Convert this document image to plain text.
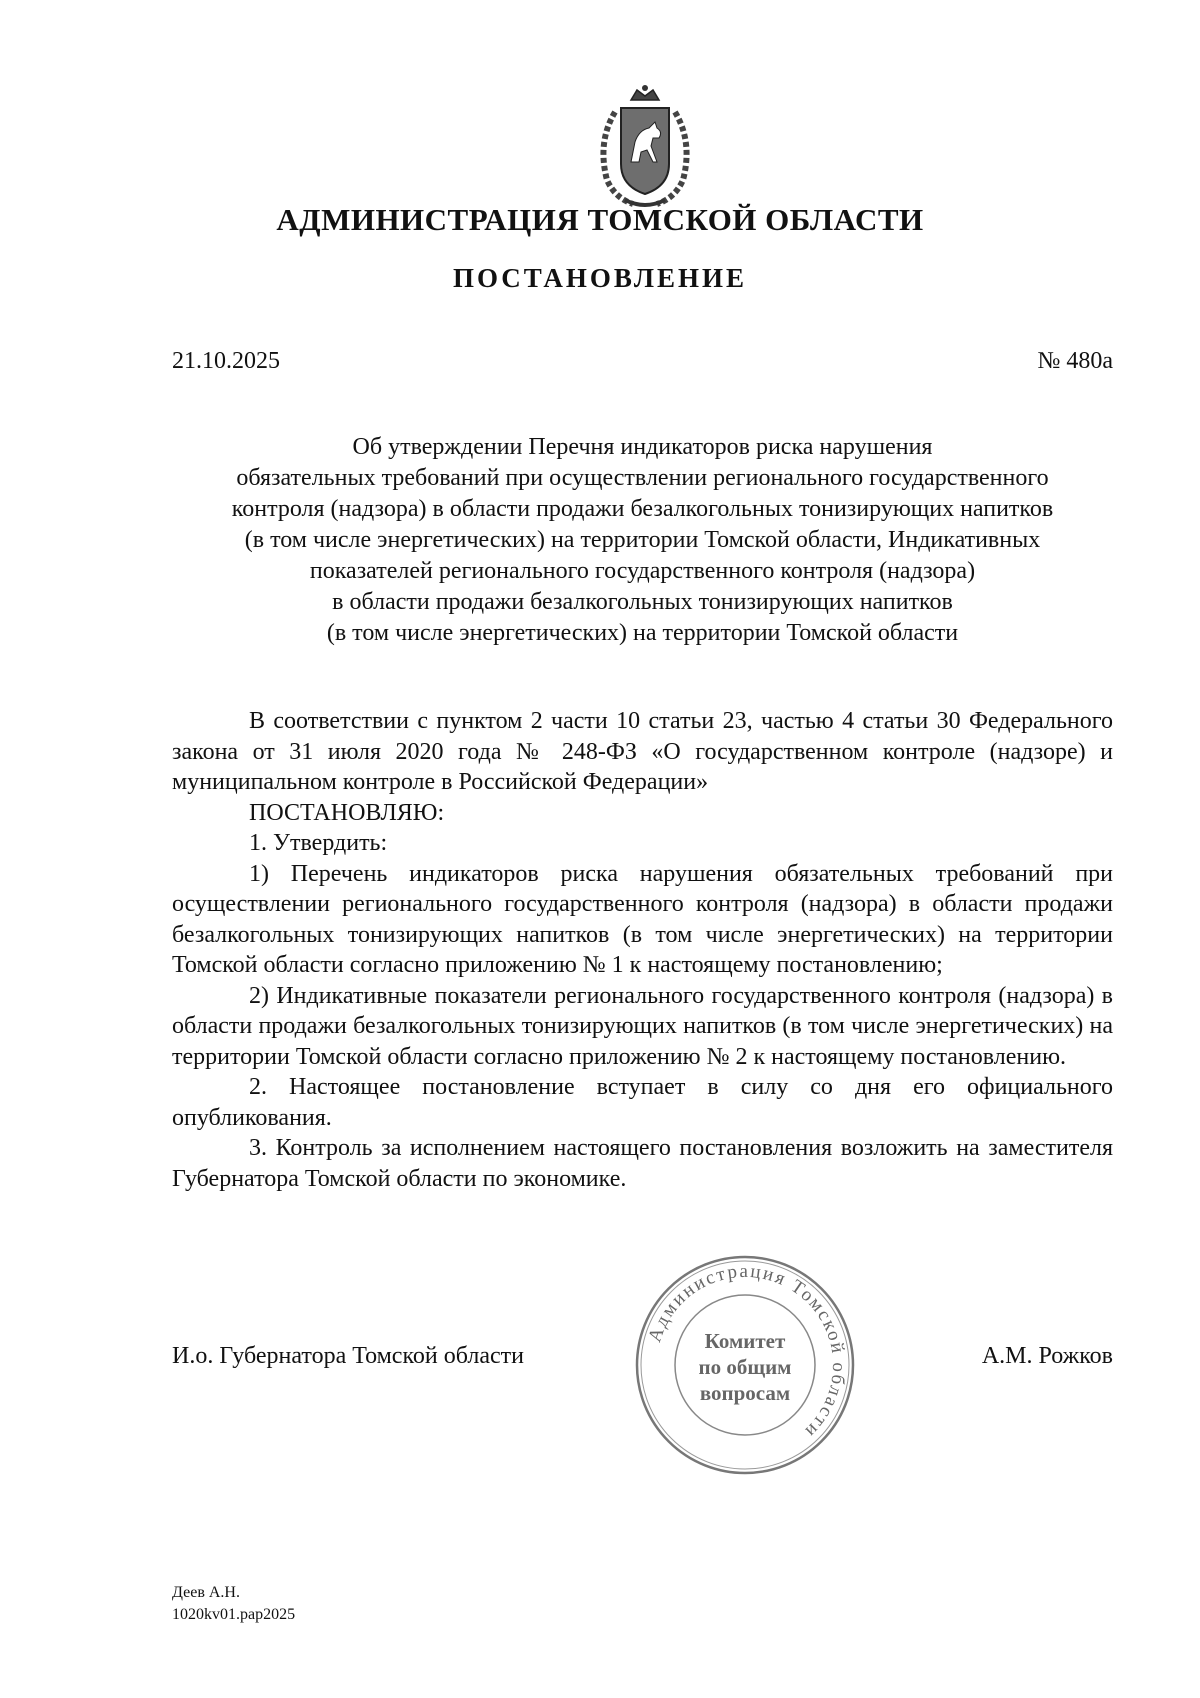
АДМИНИСТРАЦИЯ ТОМСКОЙ ОБЛАСТИ
ПОСТАНОВЛЕНИЕ
21.10.2025	№ 480а
Об утверждении Перечня индикаторов риска нарушения
обязательных требований при осуществлении регионального государственного
контроля (надзора) в области продажи безалкогольных тонизирующих напитков
(в том числе энергетических) на территории Томской области, Индикативных
показателей регионального государственного контроля (надзора)
в области продажи безалкогольных тонизирующих напитков
(в том числе энергетических) на территории Томской области

В соответствии с пунктом 2 части 10 статьи 23, частью 4 статьи 30 Федерального закона от 31 июля 2020 года № 248-ФЗ «О государственном контроле (надзоре) и муниципальном контроле в Российской Федерации»

ПОСТАНОВЛЯЮ:

1. Утвердить:

1) Перечень индикаторов риска нарушения обязательных требований при осуществлении регионального государственного контроля (надзора) в области продажи безалкогольных тонизирующих напитков (в том числе энергетических) на территории Томской области согласно приложению № 1 к настоящему постановлению;

2) Индикативные показатели регионального государственного контроля (надзора) в области продажи безалкогольных тонизирующих напитков (в том числе энергетических) на территории Томской области согласно приложению № 2 к настоящему постановлению.

2. Настоящее постановление вступает в силу со дня его официального опубликования.

3. Контроль за исполнением настоящего постановления возложить на заместителя Губернатора Томской области по экономике.

И.о. Губернатора Томской области
Администрация Томской области
Комитет
по общим
вопросам
А.М. Рожков
Деев А.Н.
1020kv01.рар2025
